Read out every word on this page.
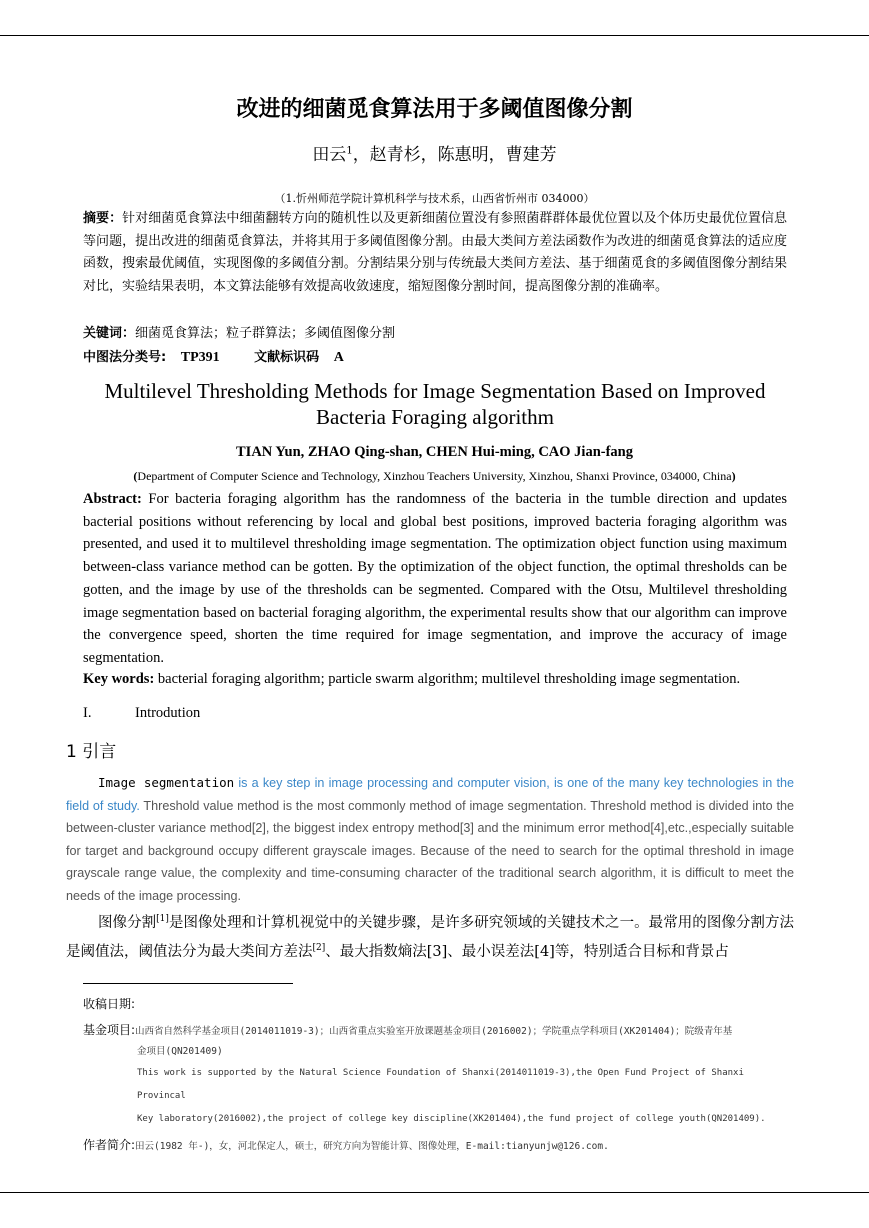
改进的细菌觅食算法用于多阈值图像分割
田云$^1$，赵青杉，陈惠明，曹建芳
（1.忻州师范学院计算机科学与技术系，山西省忻州市 034000）
摘要：针对细菌觅食算法中细菌翻转方向的随机性以及更新细菌位置没有参照菌群群体最优位置以及个体历史最优位置信息等问题，提出改进的细菌觅食算法，并将其用于多阈值图像分割。由最大类间方差法函数作为改进的细菌觅食算法的适应度函数，搜索最优阈值，实现图像的多阈值分割。分割结果分别与传统最大类间方差法、基于细菌觅食的多阈值图像分割结果对比，实验结果表明，本文算法能够有效提高收敛速度，缩短图像分割时间，提高图像分割的准确率。
关键词：细菌觅食算法；粒子群算法；多阈值图像分割
中图法分类号: TP391	文献标识码 A
Multilevel Thresholding Methods for Image Segmentation Based on Improved Bacteria Foraging algorithm
TIAN Yun, ZHAO Qing-shan, CHEN Hui-ming, CAO Jian-fang
(Department of Computer Science and Technology, Xinzhou Teachers University, Xinzhou, Shanxi Province, 034000, China)
Abstract: For bacteria foraging algorithm has the randomness of the bacteria in the tumble direction and updates bacterial positions without referencing by local and global best positions, improved bacteria foraging algorithm was presented, and used it to multilevel thresholding image segmentation. The optimization object function using maximum between-class variance method can be gotten. By the optimization of the object function, the optimal thresholds can be gotten, and the image by use of the thresholds can be segmented. Compared with the Otsu, Multilevel thresholding image segmentation based on bacterial foraging algorithm, the experimental results show that our algorithm can improve the convergence speed, shorten the time required for image segmentation, and improve the accuracy of image segmentation.
Key words: bacterial foraging algorithm; particle swarm algorithm; multilevel thresholding image segmentation.
I.	Introdution
1 引言
Image segmentation is a key step in image processing and computer vision, is one of the many key technologies in the field of study. Threshold value method is the most commonly method of image segmentation. Threshold method is divided into the between-cluster variance method[2], the biggest index entropy method[3] and the minimum error method[4],etc.,especially suitable for target and background occupy different grayscale images. Because of the need to search for the optimal threshold in image grayscale range value, the complexity and time-consuming character of the traditional search algorithm, it is difficult to meet the needs of the image processing.
图像分割[1]是图像处理和计算机视觉中的关键步骤，是许多研究领域的关键技术之一。最常用的图像分割方法是阈值法，阈值法分为最大类间方差法[2]、最大指数熵法[3]、最小误差法[4]等，特别适合目标和背景占
收稿日期:
基金项目:山西省自然科学基金项目(2014011019-3)；山西省重点实验室开放课题基金项目(2016002)；学院重点学科项目(XK201404)；院级青年基
金项目(QN201409)
This work is supported by the Natural Science Foundation of Shanxi(2014011019-3),the Open Fund Project of Shanxi Provincal
Key laboratory(2016002),the project of college key discipline(XK201404),the fund project of college youth(QN201409).
作者简介:田云(1982 年-)，女，河北保定人，硕士，研究方向为智能计算、图像处理，E-mail:tianyunjw@126.com.
